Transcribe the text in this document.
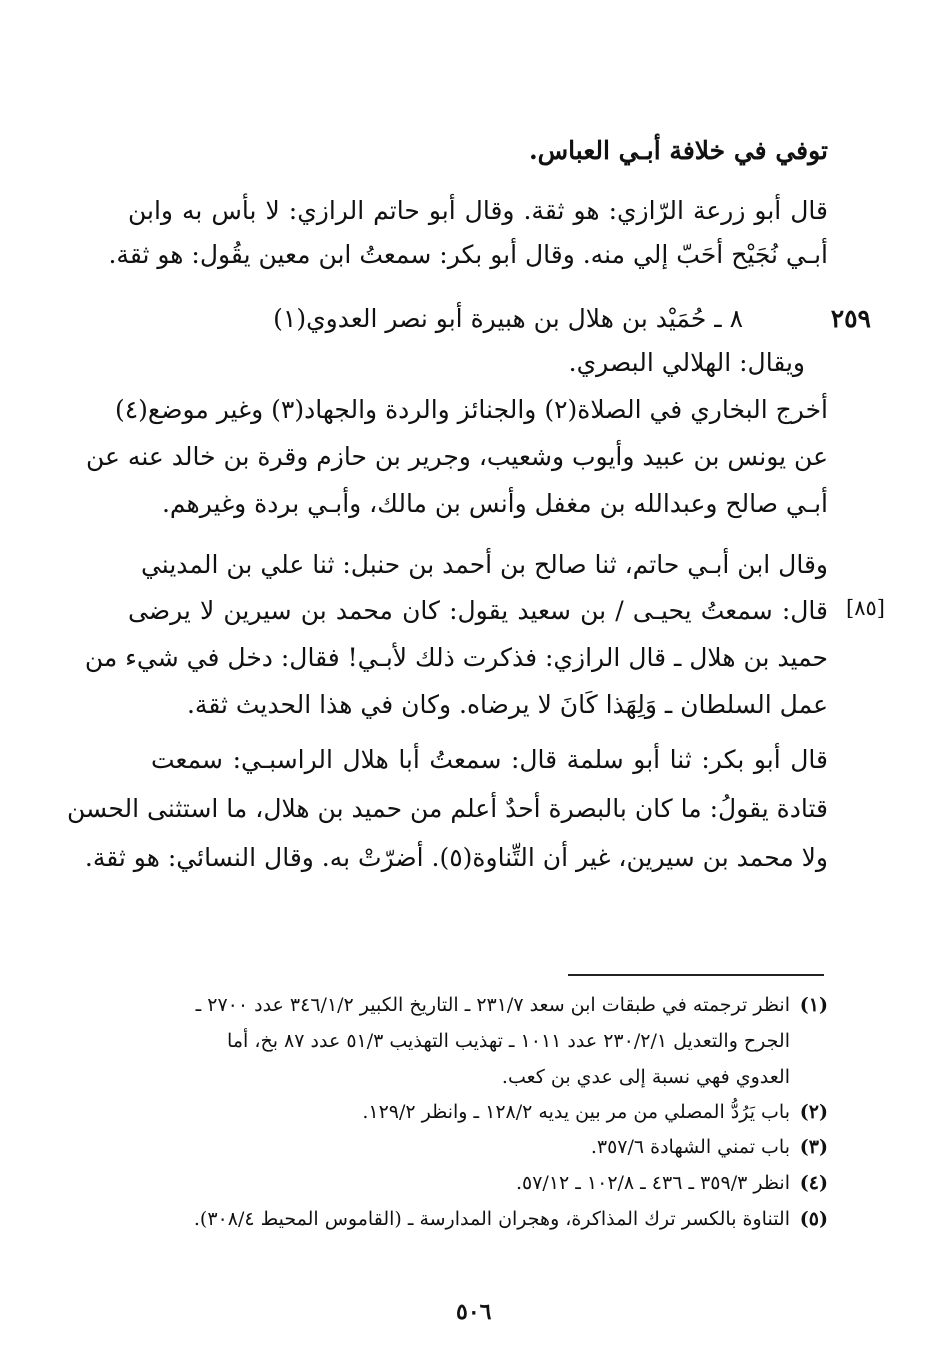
توفي في خلافة أبـي العباس.
قال أبو زرعة الرّازي: هو ثقة. وقال أبو حاتم الرازي: لا بأس به وابن
أبـي نُجَيْح أحَبّ إلي منه. وقال أبو بكر: سمعتُ ابن معين يقُول: هو ثقة.
٢٥٩
٨ ـ حُمَيْد بن هلال بن هبيرة أبو نصر العدوي(١)
ويقال: الهلالي البصري.
أخرج البخاري في الصلاة(٢) والجنائز والردة والجهاد(٣) وغير موضع(٤)
عن يونس بن عبيد وأيوب وشعيب، وجرير بن حازم وقرة بن خالد عنه عن
أبـي صالح وعبدالله بن مغفل وأنس بن مالك، وأبـي بردة وغيرهم.
وقال ابن أبـي حاتم، ثنا صالح بن أحمد بن حنبل: ثنا علي بن المديني
[٨٥]
قال: سمعتُ يحيـى / بن سعيد يقول: كان محمد بن سيرين لا يرضى
حميد بن هلال ـ قال الرازي: فذكرت ذلك لأبـي! فقال: دخل في شيء من
عمل السلطان ـ وَلِهَذا كَانَ لا يرضاه. وكان في هذا الحديث ثقة.
قال أبو بكر: ثنا أبو سلمة قال: سمعتُ أبا هلال الراسبـي: سمعت
قتادة يقولُ: ما كان بالبصرة أحدٌ أعلم من حميد بن هلال، ما استثنى الحسن
ولا محمد بن سيرين، غير أن التِّناوة(٥). أضرّتْ به. وقال النسائي: هو ثقة.
(١)
انظر ترجمته في طبقات ابن سعد ٢٣١/٧ ـ التاريخ الكبير ٣٤٦/١/٢ عدد ٢٧٠٠ ـ
الجرح والتعديل ٢٣٠/٢/١ عدد ١٠١١ ـ تهذيب التهذيب ٥١/٣ عدد ٨٧ بخ، أما
العدوي فهي نسبة إلى عدي بن كعب.
(٢)
باب يَرُدُّ المصلي من مر بين يديه ١٢٨/٢ ـ وانظر ١٢٩/٢.
(٣)
باب تمني الشهادة ٣٥٧/٦.
(٤)
انظر ٣٥٩/٣ ـ ٤٣٦ ـ ١٠٢/٨ ـ ٥٧/١٢.
(٥)
التناوة بالكسر ترك المذاكرة، وهجران المدارسة ـ (القاموس المحيط ٣٠٨/٤).
٥٠٦
